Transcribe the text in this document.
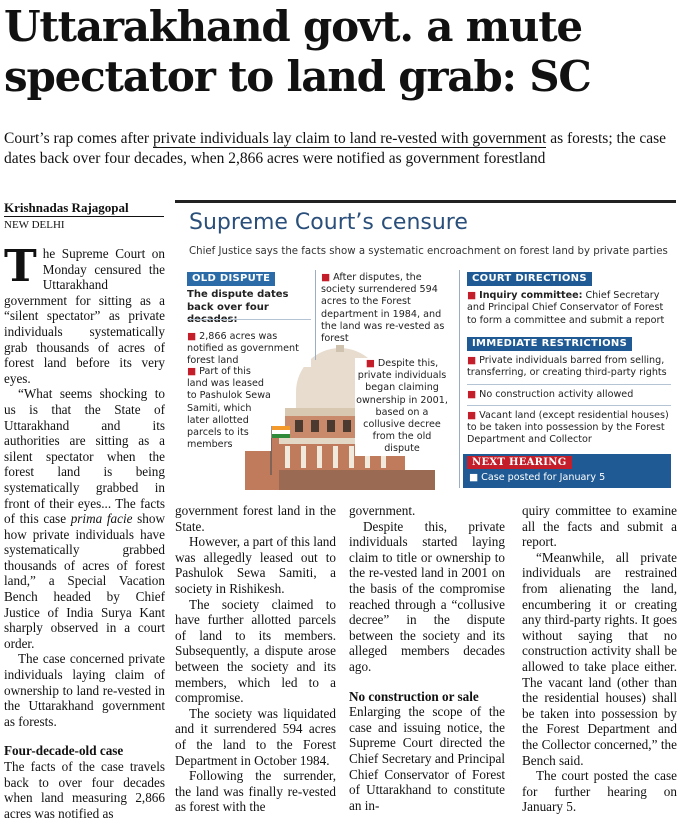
Uttarakhand govt. a mute
spectator to land grab: SC
Court’s rap comes after private individuals lay claim to land re-vested with government as forests; the case dates back over four decades, when 2,866 acres were notified as government forestland
Krishnadas Rajagopal
NEW DELHI	Supreme Court’s censure
Chief Justice says the facts show a systematic encroachment on forest land by private parties
OLD DISPUTE
The dispute dates back over four
■ 2,866 acres was notified as government forest land
■ Part of this land was leased to Pashulok Sewa Samiti, which later allotted parcels to its members
■ After disputes, the society surrendered 594 acres to the Forest department in 1984, and the land was re-vested as forest
■ Despite this, private individuals began claiming ownership in 2001, based on a collusive decree from the old dispute
COURT DIRECTIONS
■ Inquiry committee: Chief Secretary and Principal Chief Conservator of Forest to form a committee and submit a report
IMMEDIATE RESTRICTIONS
■ Private individuals barred from selling, transferring, or creating third-party rights
■ No construction activity allowed
■ Vacant land (except residential houses) to be taken into possession by the Forest Department and Collector
NEXT HEARING
■ Case posted for January 5

The Supreme Court on Monday censured the Uttarakhand government for sitting as a “silent spectator” as private individuals systematically grab thousands of acres of forest land before its very eyes.

“What seems shocking to us is that the State of Uttarakhand and its authorities are sitting as a silent spectator when the forest land is being systematically grabbed in front of their eyes... The facts of this case prima facie show how private individuals have systematically grabbed thousands of acres of forest land,” a Special Vacation Bench headed by Chief Justice of India Surya Kant sharply observed in a court order.

The case concerned private individuals laying claim of ownership to land re-vested in the Uttarakhand government as forests.

Four-decade-old case

The facts of the case travels back to over four decades when land measuring 2,866 acres was notified as

government forest land in the State.

However, a part of this land was allegedly leased out to Pashulok Sewa Samiti, a society in Rishikesh.

The society claimed to have further allotted parcels of land to its members. Subsequently, a dispute arose between the society and its members, which led to a compromise.

The society was liquidated and it surrendered 594 acres of the land to the Forest Department in October 1984.

Following the surrender, the land was finally re-vested as forest with the

government.

Despite this, private individuals started laying claim to title or ownership to the re-vested land in 2001 on the basis of the compromise reached through a “collusive decree” in the dispute between the society and its alleged members decades ago.

No construction or sale

Enlarging the scope of the case and issuing notice, the Supreme Court directed the Chief Secretary and Principal Chief Conservator of Forest of Uttarakhand to constitute an in-

quiry committee to examine all the facts and submit a report.

“Meanwhile, all private individuals are restrained from alienating the land, encumbering it or creating any third-party rights. It goes without saying that no construction activity shall be allowed to take place either. The vacant land (other than the residential houses) shall be taken into possession by the Forest Department and the Collector concerned,” the Bench said.

The court posted the case for further hearing on January 5.
